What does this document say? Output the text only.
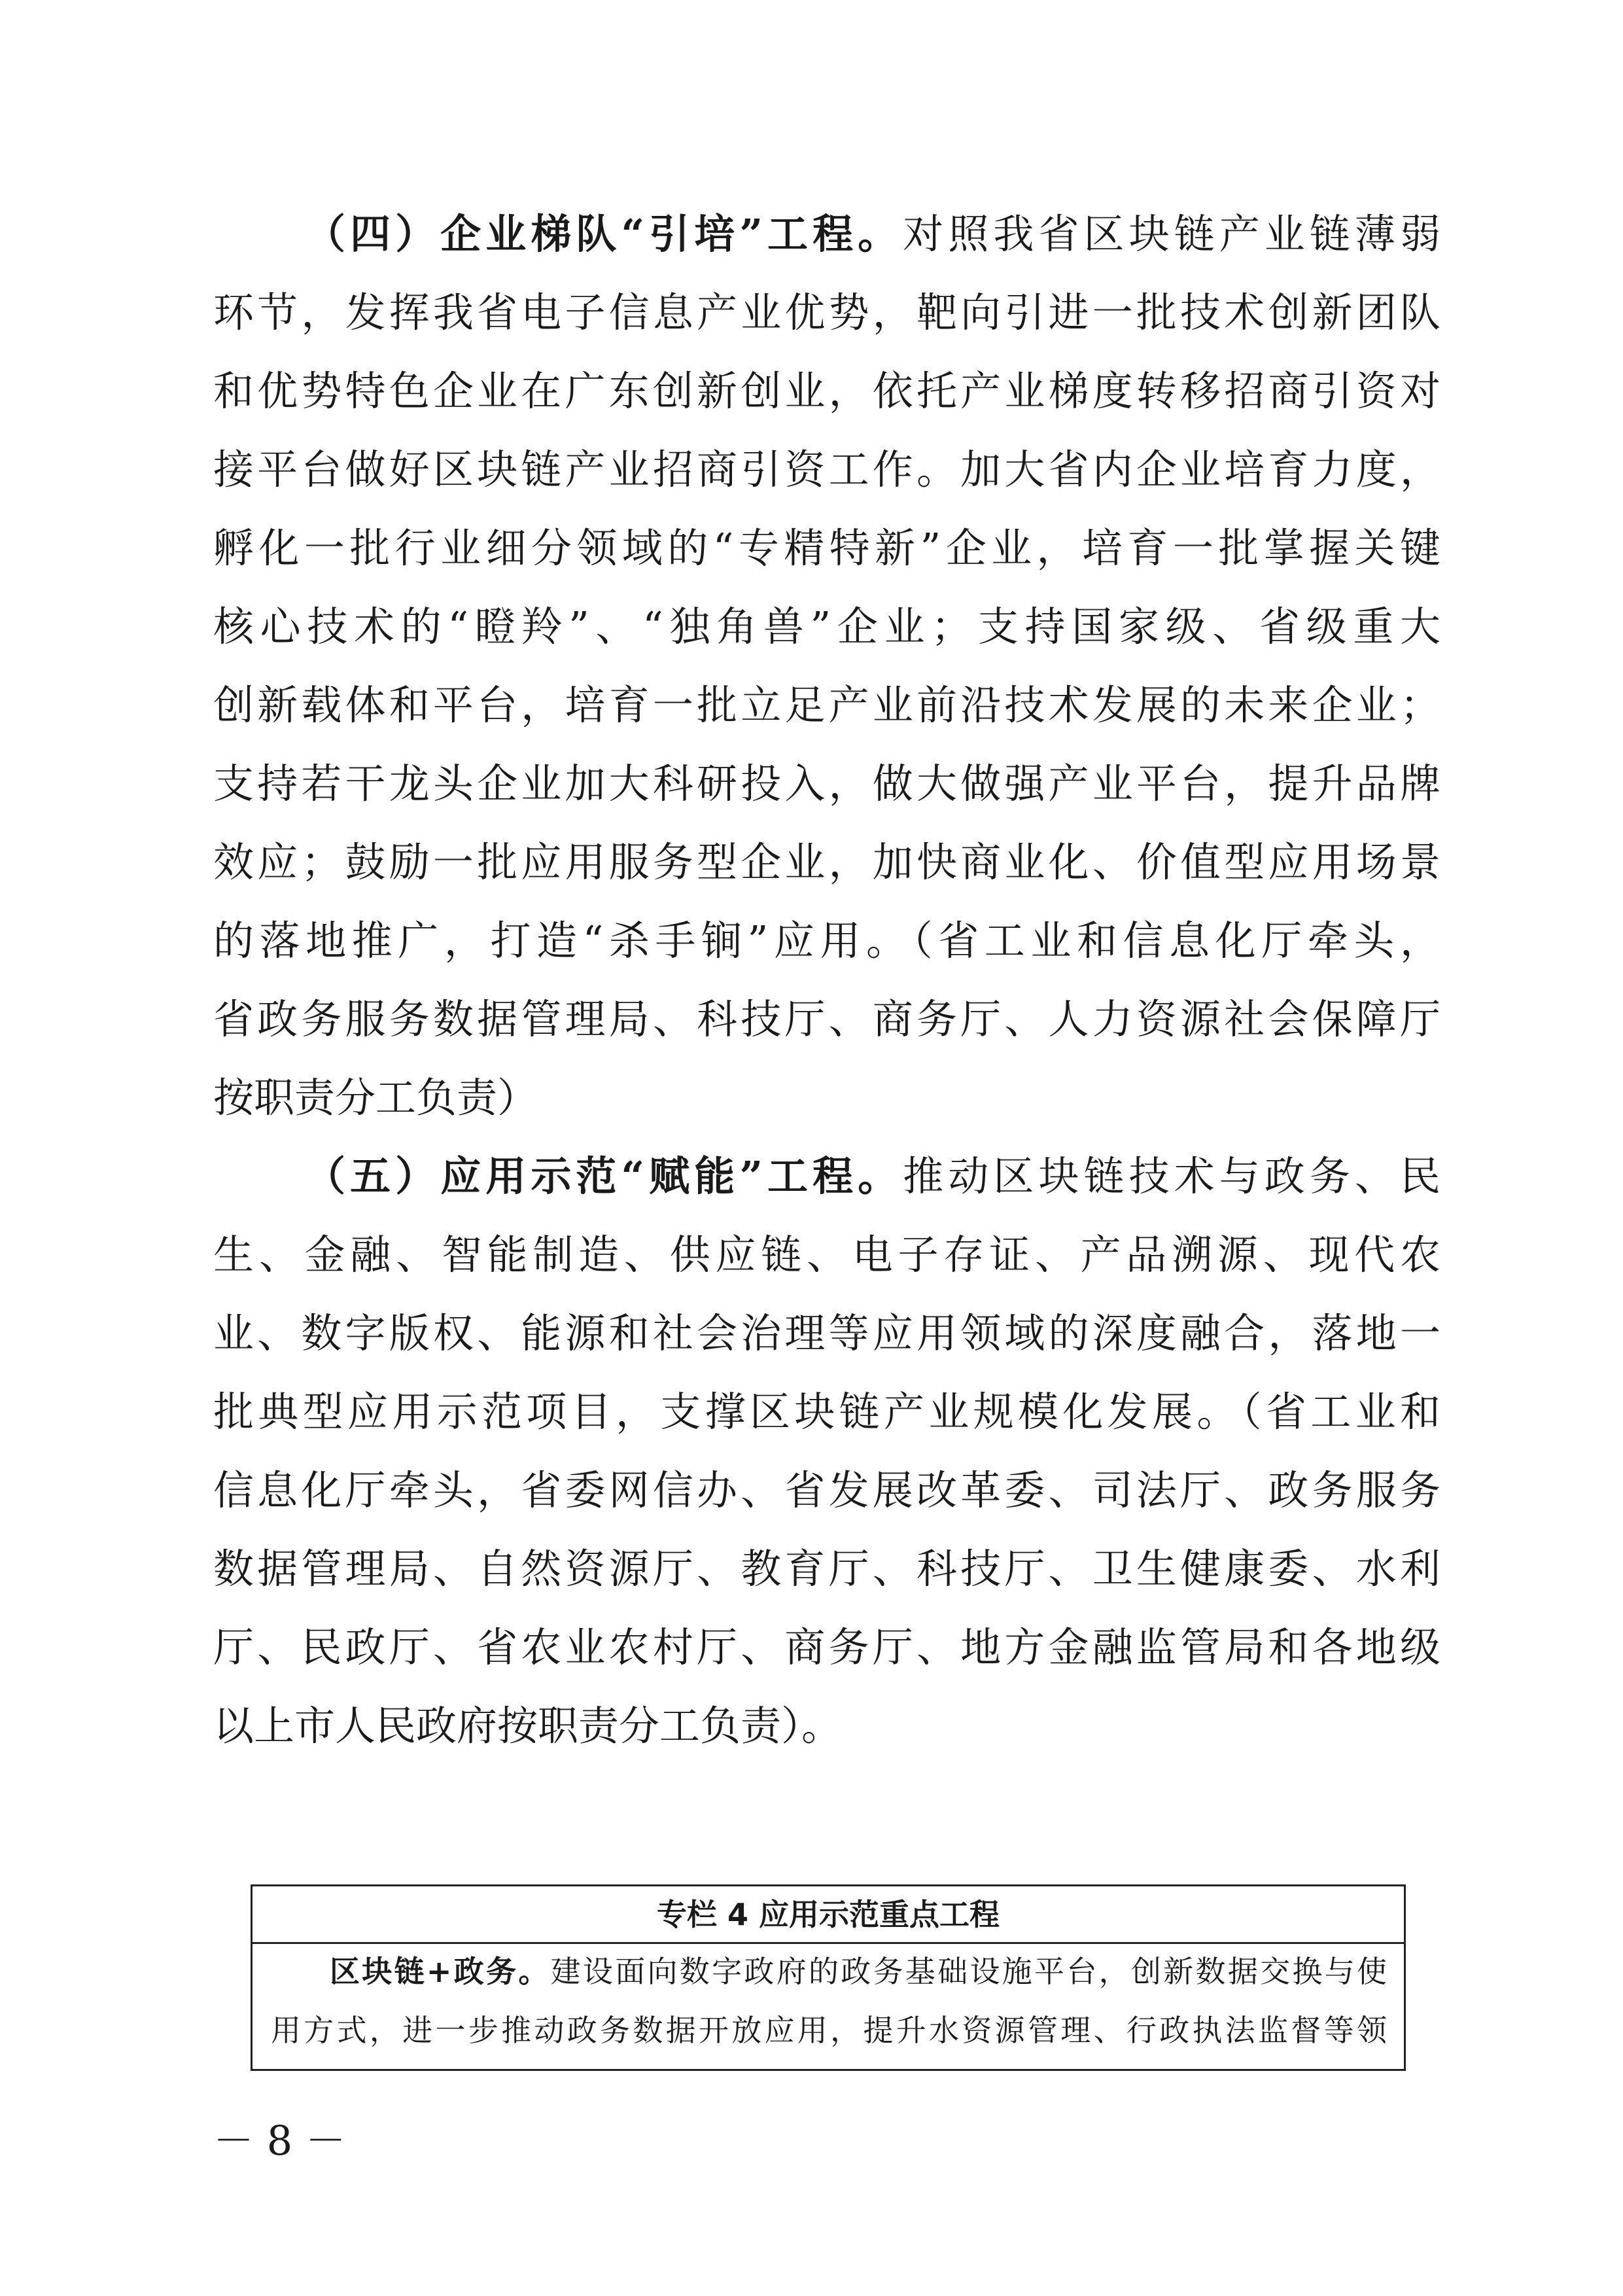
（四）企业梯队“引培”工程。对照我省区块链产业链薄弱
环节，发挥我省电子信息产业优势，靶向引进一批技术创新团队
和优势特色企业在广东创新创业，依托产业梯度转移招商引资对
接平台做好区块链产业招商引资工作。加大省内企业培育力度，
孵化一批行业细分领域的“专精特新”企业，培育一批掌握关键
核心技术的“瞪羚”、“独角兽”企业；支持国家级、省级重大
创新载体和平台，培育一批立足产业前沿技术发展的未来企业；
支持若干龙头企业加大科研投入，做大做强产业平台，提升品牌
效应；鼓励一批应用服务型企业，加快商业化、价值型应用场景
的落地推广，打造“杀手锏”应用。（省工业和信息化厅牵头，
省政务服务数据管理局、科技厅、商务厅、人力资源社会保障厅
按职责分工负责）
（五）应用示范“赋能”工程。推动区块链技术与政务、民
生、金融、智能制造、供应链、电子存证、产品溯源、现代农
业、数字版权、能源和社会治理等应用领域的深度融合，落地一
批典型应用示范项目，支撑区块链产业规模化发展。（省工业和
信息化厅牵头，省委网信办、省发展改革委、司法厅、政务服务
数据管理局、自然资源厅、教育厅、科技厅、卫生健康委、水利
厅、民政厅、省农业农村厅、商务厅、地方金融监管局和各地级
以上市人民政府按职责分工负责）。
专栏 4 应用示范重点工程
区块链+政务。建设面向数字政府的政务基础设施平台，创新数据交换与使
用方式，进一步推动政务数据开放应用，提升水资源管理、行政执法监督等领
－ 8 －
